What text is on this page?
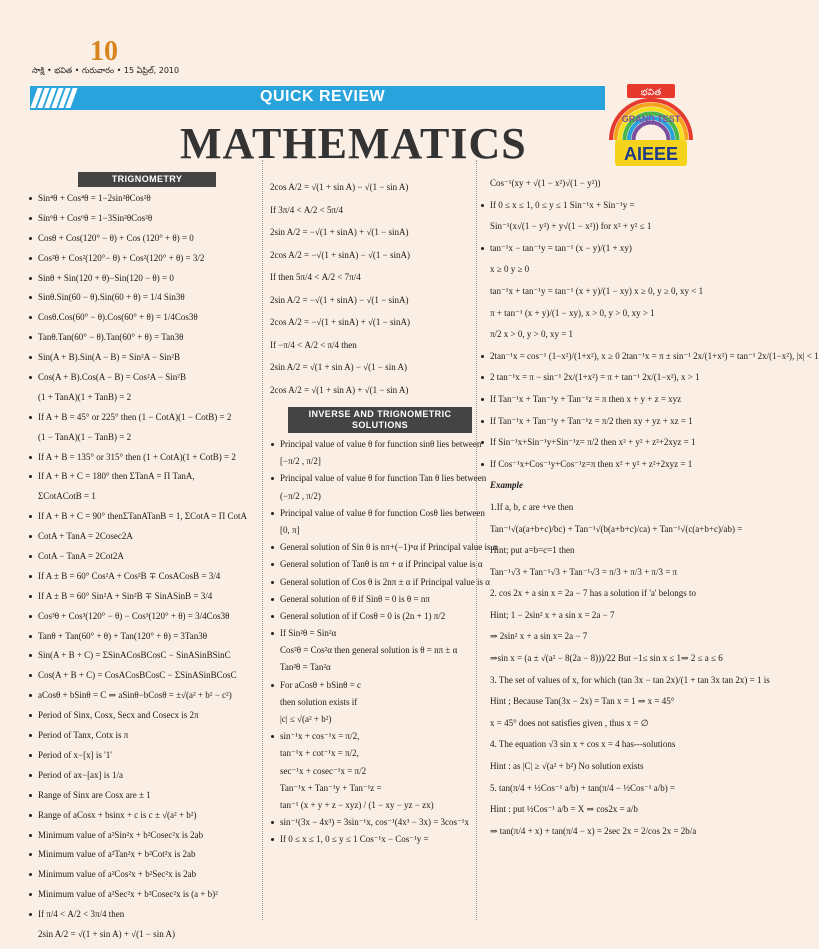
10
సాక్షి • భవిత • గురువారం • 15 ఏప్రిల్, 2010
QUICK REVIEW
MATHEMATICS
భవిత
GRAND TEST
AIEEE
TRIGNOMETRY
Sin⁴θ + Cos⁴θ = 1−2sin²θCos²θ
Sin⁶θ + Cos⁶θ = 1−3Sin²θCos²θ
Cosθ + Cos(120° − θ) + Cos (120° + θ) = 0
Cos²θ + Cos²(120°− θ) + Cos²(120° + θ) = 3/2
Sinθ + Sin(120 + θ)−Sin(120 − θ) = 0
Sinθ.Sin(60 − θ).Sin(60 + θ) = 1/4 Sin3θ
Cosθ.Cos(60° − θ).Cos(60° + θ) = 1/4Cos3θ
Tanθ.Tan(60° − θ).Tan(60° + θ) = Tan3θ
Sin(A + B).Sin(A − B) = Sin²A − Sin²B
Cos(A + B).Cos(A − B) = Cos²A − Sin²B
(1 + TanA)(1 + TanB) = 2
If A + B = 45° or 225° then (1 − CotA)(1 − CotB) = 2
(1 − TanA)(1 − TanB) = 2
If A + B = 135° or 315° then (1 + CotA)(1 + CotB) = 2
If A + B + C = 180° then ΣTanA = Π TanA,
ΣCotACotB = 1
If A + B + C = 90° thenΣTanATanB = 1, ΣCotA = Π CotA
CotA + TanA = 2Cosec2A
CotA − TanA = 2Cot2A
If A ± B = 60° Cos²A + Cos²B ∓ CosACosB = 3/4
If A ± B = 60° Sin²A + Sin²B ∓ SinASinB = 3/4
Cos³θ + Cos³(120° − θ) − Cos³(120° + θ) = 3/4Cos3θ
Tanθ + Tan(60° + θ) + Tan(120° + θ) = 3Tan3θ
Sin(A + B + C) = ΣSinACosBCosC − SinASinBSinC
Cos(A + B + C) = CosACosBCosC − ΣSinASinBCosC
aCosθ + bSinθ = C ⇒ aSinθ−bCosθ = ±√(a² + b² − c²)
Period of Sinx, Cosx, Secx and Cosecx is 2π
Period of Tanx, Cotx is π
Period of x−[x] is '1'
Period of ax−[ax] is 1/a
Range of Sinx are Cosx are ± 1
Range of aCosx + bsinx + c is c ± √(a² + b²)
Minimum value of a²Sin²x + b²Cosec²x is 2ab
Minimum value of a²Tan²x + b²Cot²x is 2ab
Minimum value of a²Cos²x + b²Sec²x is 2ab
Minimum value of a²Sec²x + b²Cosec²x is (a + b)²
If π/4 < A/2 < 3π/4 then
2sin A/2 = √(1 + sin A) + √(1 − sin A)
2cos A/2 = √(1 + sin A) − √(1 − sin A)
If 3π/4 < A/2 < 5π/4
2sin A/2 = −√(1 + sinA) + √(1 − sinA)
2cos A/2 = −√(1 + sinA) − √(1 − sinA)
If then 5π/4 < A/2 < 7π/4
2sin A/2 = −√(1 + sinA) − √(1 − sinA)
2cos A/2 = −√(1 + sinA) + √(1 − sinA)
If −π/4 < A/2 < π/4 then
2sin A/2 = √(1 + sin A) − √(1 − sin A)
2cos A/2 = √(1 + sin A) + √(1 − sin A)
INVERSE AND TRIGNOMETRIC SOLUTIONS
Principal value of value θ for function sinθ lies between
[−π/2 , π/2]
Principal value of value θ for function Tan θ lies between
(−π/2 , π/2)
Principal value of value θ for function Cosθ lies between
[0, π]
General solution of Sin θ is nπ+(−1)ⁿα if Principal value is α
General solution of Tanθ is nπ + α if Principal value is α
General solution of Cos θ is 2nπ ± α if Principal value is α
General solution of θ if Sinθ = 0 is θ = nπ
General solution of if Cosθ = 0 is (2n + 1) π/2
If Sin²θ = Sin²α
Cos²θ = Cos²α then general solution is θ = nπ ± α
Tan²θ = Tan²α
For aCosθ + bSinθ = c
then solution exists if
|c| ≤ √(a² + b²)
sin⁻¹x + cos⁻¹x = π/2,
tan⁻¹x + cot⁻¹x = π/2,
sec⁻¹x + cosec⁻¹x = π/2
Tan⁻¹x + Tan⁻¹y + Tan⁻¹z =
tan⁻¹ (x + y + z − xyz) / (1 − xy − yz − zx)
sin⁻¹(3x − 4x³) = 3sin⁻¹x, cos⁻¹(4x³ − 3x) = 3cos⁻¹x
If 0 ≤ x ≤ 1, 0 ≤ y ≤ 1 Cos⁻¹x − Cos⁻¹y =
Cos⁻¹(xy + √(1 − x²)√(1 − y²))
If 0 ≤ x ≤ 1, 0 ≤ y ≤ 1 Sin⁻¹x + Sin⁻¹y =
Sin⁻¹(x√(1 − y²) + y√(1 − x²)) for x² + y² ≤ 1
tan⁻¹x − tan⁻¹y = tan⁻¹ (x − y)/(1 + xy)
x ≥ 0 y ≥ 0
tan⁻¹x + tan⁻¹y = tan⁻¹ (x + y)/(1 − xy) x ≥ 0, y ≥ 0, xy < 1
π + tan⁻¹ (x + y)/(1 − xy), x > 0, y > 0, xy > 1
π/2 x > 0, y > 0, xy = 1
2tan⁻¹x = cos⁻¹ (1−x²)/(1+x²), x ≥ 0 2tan⁻¹x = π ± sin⁻¹ 2x/(1+x²) = tan⁻¹ 2x/(1−x²), |x| < 1
2 tan⁻¹x = π − sin⁻¹ 2x/(1+x²) = π + tan⁻¹ 2x/(1−x²), x > 1
If Tan⁻¹x + Tan⁻¹y + Tan⁻¹z = π then x + y + z = xyz
If Tan⁻¹x + Tan⁻¹y + Tan⁻¹z = π/2 then xy + yz + xz = 1
If Sin⁻¹x+Sin⁻¹y+Sin⁻¹z= π/2 then x² + y² + z²+2xyz = 1
If Cos⁻¹x+Cos⁻¹y+Cos⁻¹z=π then x² + y² + z²+2xyz = 1
Example
1.If a, b, c are +ve then
Tan⁻¹√(a(a+b+c)/bc) + Tan⁻¹√(b(a+b+c)/ca) + Tan⁻¹√(c(a+b+c)/ab) =
Hint; put a=b=c=1 then
Tan⁻¹√3 + Tan⁻¹√3 + Tan⁻¹√3 = π/3 + π/3 + π/3 = π
2. cos 2x + a sin x = 2a − 7 has a solution if 'a' belongs to
Hint; 1 − 2sin² x + a sin x = 2a − 7
⇒ 2sin² x + a sin x= 2a − 7
⇒sin x = (a ± √(a² − 8(2a − 8)))/22 But −1≤ sin x ≤ 1⇒ 2 ≤ a ≤ 6
3. The set of values of x, for which (tan 3x − tan 2x)/(1 + tan 3x tan 2x) = 1 is
Hint ; Because Tan(3x − 2x) = Tan x = 1 ⇒ x = 45°
x = 45° does not satisfies given , thus x = ∅
4. The equation √3 sin x + cos x = 4 has---solutions
Hint : as |C| ≥ √(a² + b²) No solution exists
5. tan(π/4 + ½Cos⁻¹ a/b) + tan(π/4 − ½Cos⁻¹ a/b) =
Hint : put ½Cos⁻¹ a/b = X ⇒ cos2x = a/b
⇒ tan(π/4 + x) + tan(π/4 − x) = 2sec 2x = 2/cos 2x = 2b/a
